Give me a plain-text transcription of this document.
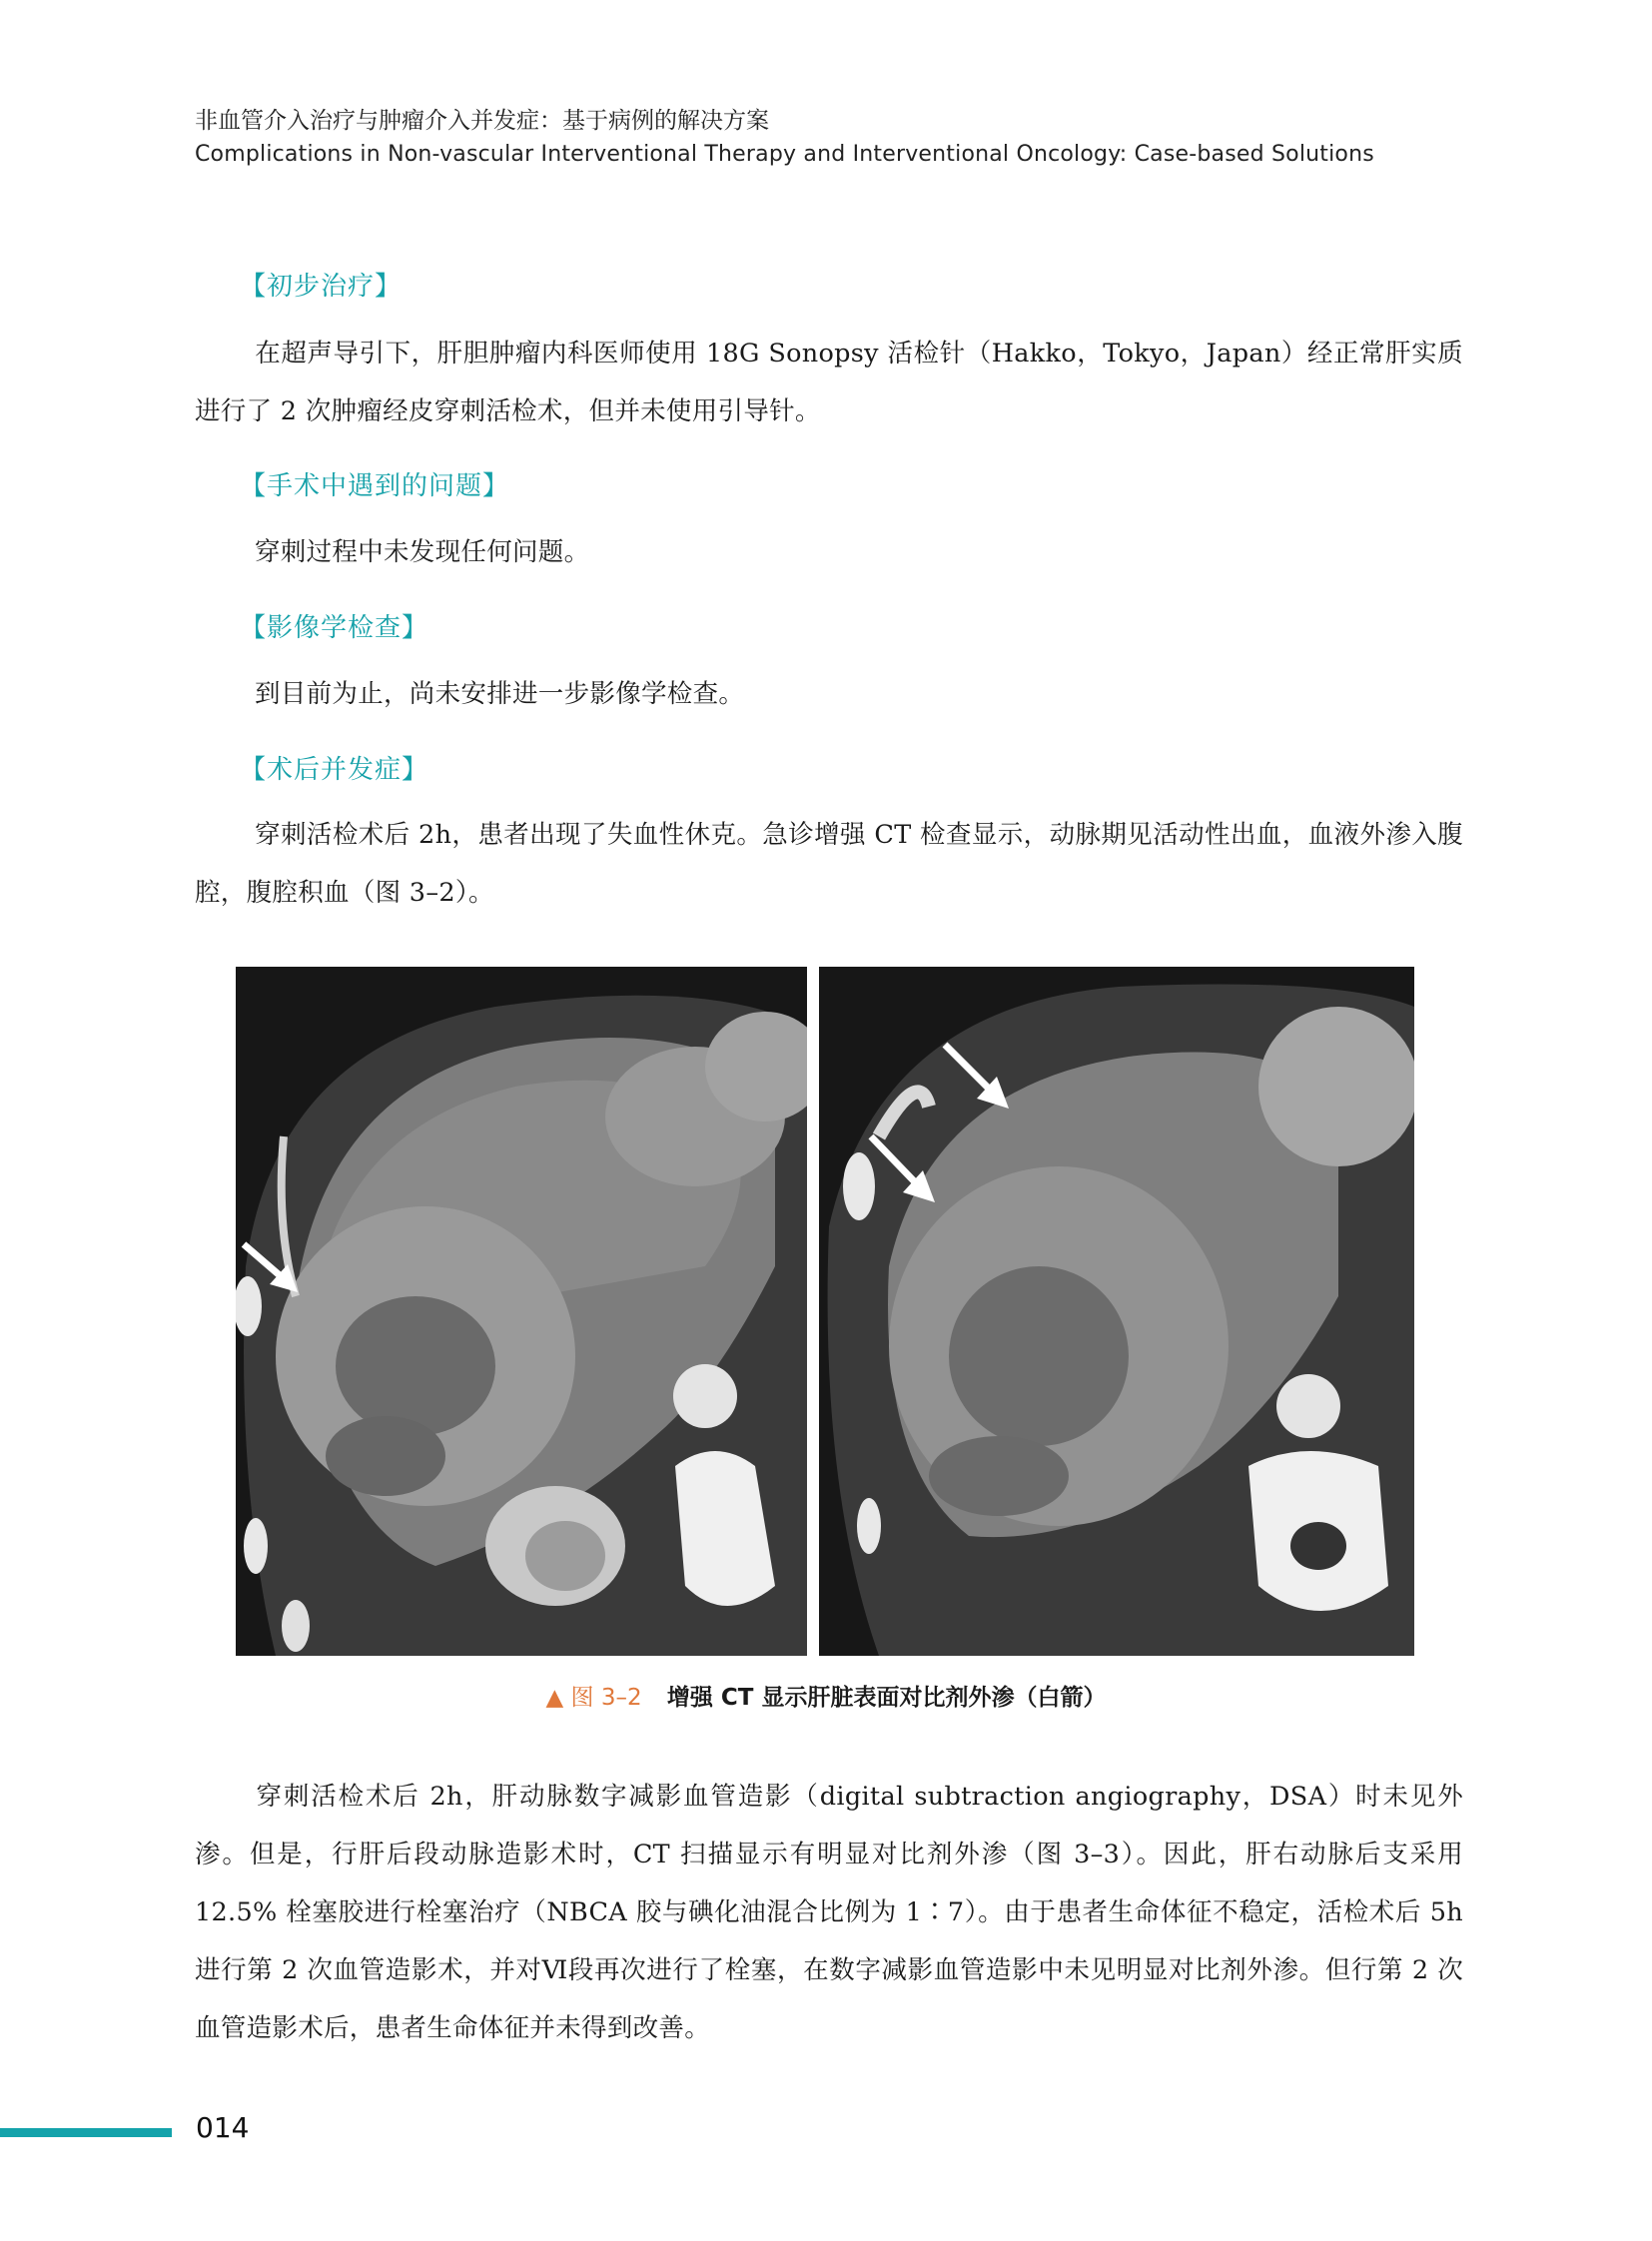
非血管介入治疗与肿瘤介入并发症：基于病例的解决方案
Complications in Non-vascular Interventional Therapy and Interventional Oncology: Case-based Solutions
【初步治疗】
在超声导引下，肝胆肿瘤内科医师使用 18G Sonopsy 活检针（Hakko，Tokyo，Japan）经正常肝实质进行了 2 次肿瘤经皮穿刺活检术，但并未使用引导针。
【手术中遇到的问题】
穿刺过程中未发现任何问题。
【影像学检查】
到目前为止，尚未安排进一步影像学检查。
【术后并发症】
穿刺活检术后 2h，患者出现了失血性休克。急诊增强 CT 检查显示，动脉期见活动性出血，血液外渗入腹腔，腹腔积血（图 3–2）。
▲ 图 3–2 增强 CT 显示肝脏表面对比剂外渗（白箭）
穿刺活检术后 2h，肝动脉数字减影血管造影（digital subtraction angiography，DSA）时未见外渗。但是，行肝后段动脉造影术时，CT 扫描显示有明显对比剂外渗（图 3–3）。因此，肝右动脉后支采用 12.5% 栓塞胶进行栓塞治疗（NBCA 胶与碘化油混合比例为 1∶7）。由于患者生命体征不稳定，活检术后 5h 进行第 2 次血管造影术，并对Ⅵ段再次进行了栓塞，在数字减影血管造影中未见明显对比剂外渗。但行第 2 次血管造影术后，患者生命体征并未得到改善。
014
